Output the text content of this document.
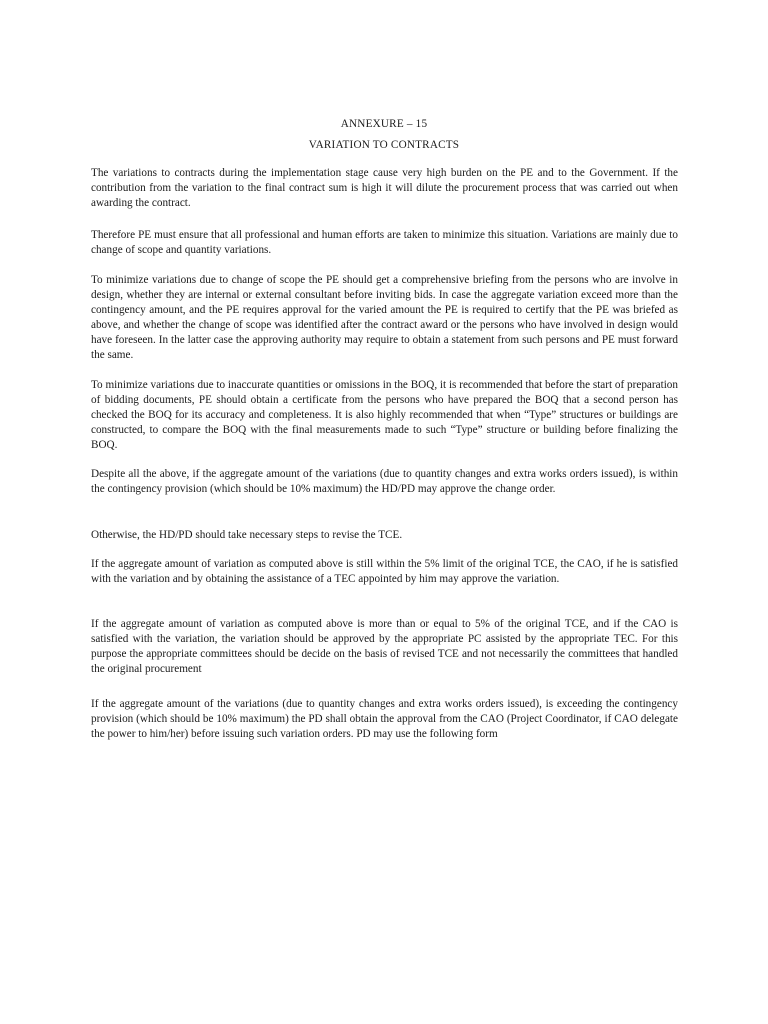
ANNEXURE – 15
VARIATION TO CONTRACTS

The variations to contracts during the implementation stage cause very high burden on the PE and to the Government. If the contribution from the variation to the final contract sum is high it will dilute the procurement process that was carried out when awarding the contract.

Therefore PE must ensure that all professional and human efforts are taken to minimize this situation. Variations are mainly due to change of scope and quantity variations.

To minimize variations due to change of scope the PE should get a comprehensive briefing from the persons who are involve in design, whether they are internal or external consultant before inviting bids. In case the aggregate variation exceed more than the contingency amount, and the PE requires approval for the varied amount the PE is required to certify that the PE was briefed as above, and whether the change of scope was identified after the contract award or the persons who have involved in design would have foreseen. In the latter case the approving authority may require to obtain a statement from such persons and PE must forward the same.

To minimize variations due to inaccurate quantities or omissions in the BOQ, it is recommended that before the start of preparation of bidding documents, PE should obtain a certificate from the persons who have prepared the BOQ that a second person has checked the BOQ for its accuracy and completeness. It is also highly recommended that when “Type” structures or buildings are constructed, to compare the BOQ with the final measurements made to such “Type” structure or building before finalizing the BOQ.

Despite all the above, if the aggregate amount of the variations (due to quantity changes and extra works orders issued), is within the contingency provision (which should be 10% maximum) the HD/PD may approve the change order.

Otherwise, the HD/PD should take necessary steps to revise the TCE.

If the aggregate amount of variation as computed above is still within the 5% limit of the original TCE, the CAO, if he is satisfied with the variation and by obtaining the assistance of a TEC appointed by him may approve the variation.

If the aggregate amount of variation as computed above is more than or equal to 5% of the original TCE, and if the CAO is satisfied with the variation, the variation should be approved by the appropriate PC assisted by the appropriate TEC. For this purpose the appropriate committees should be decide on the basis of revised TCE and not necessarily the committees that handled the original procurement

If the aggregate amount of the variations (due to quantity changes and extra works orders issued), is exceeding the contingency provision (which should be 10% maximum) the PD shall obtain the approval from the CAO (Project Coordinator, if CAO delegate the power to him/her) before issuing such variation orders. PD may use the following form
